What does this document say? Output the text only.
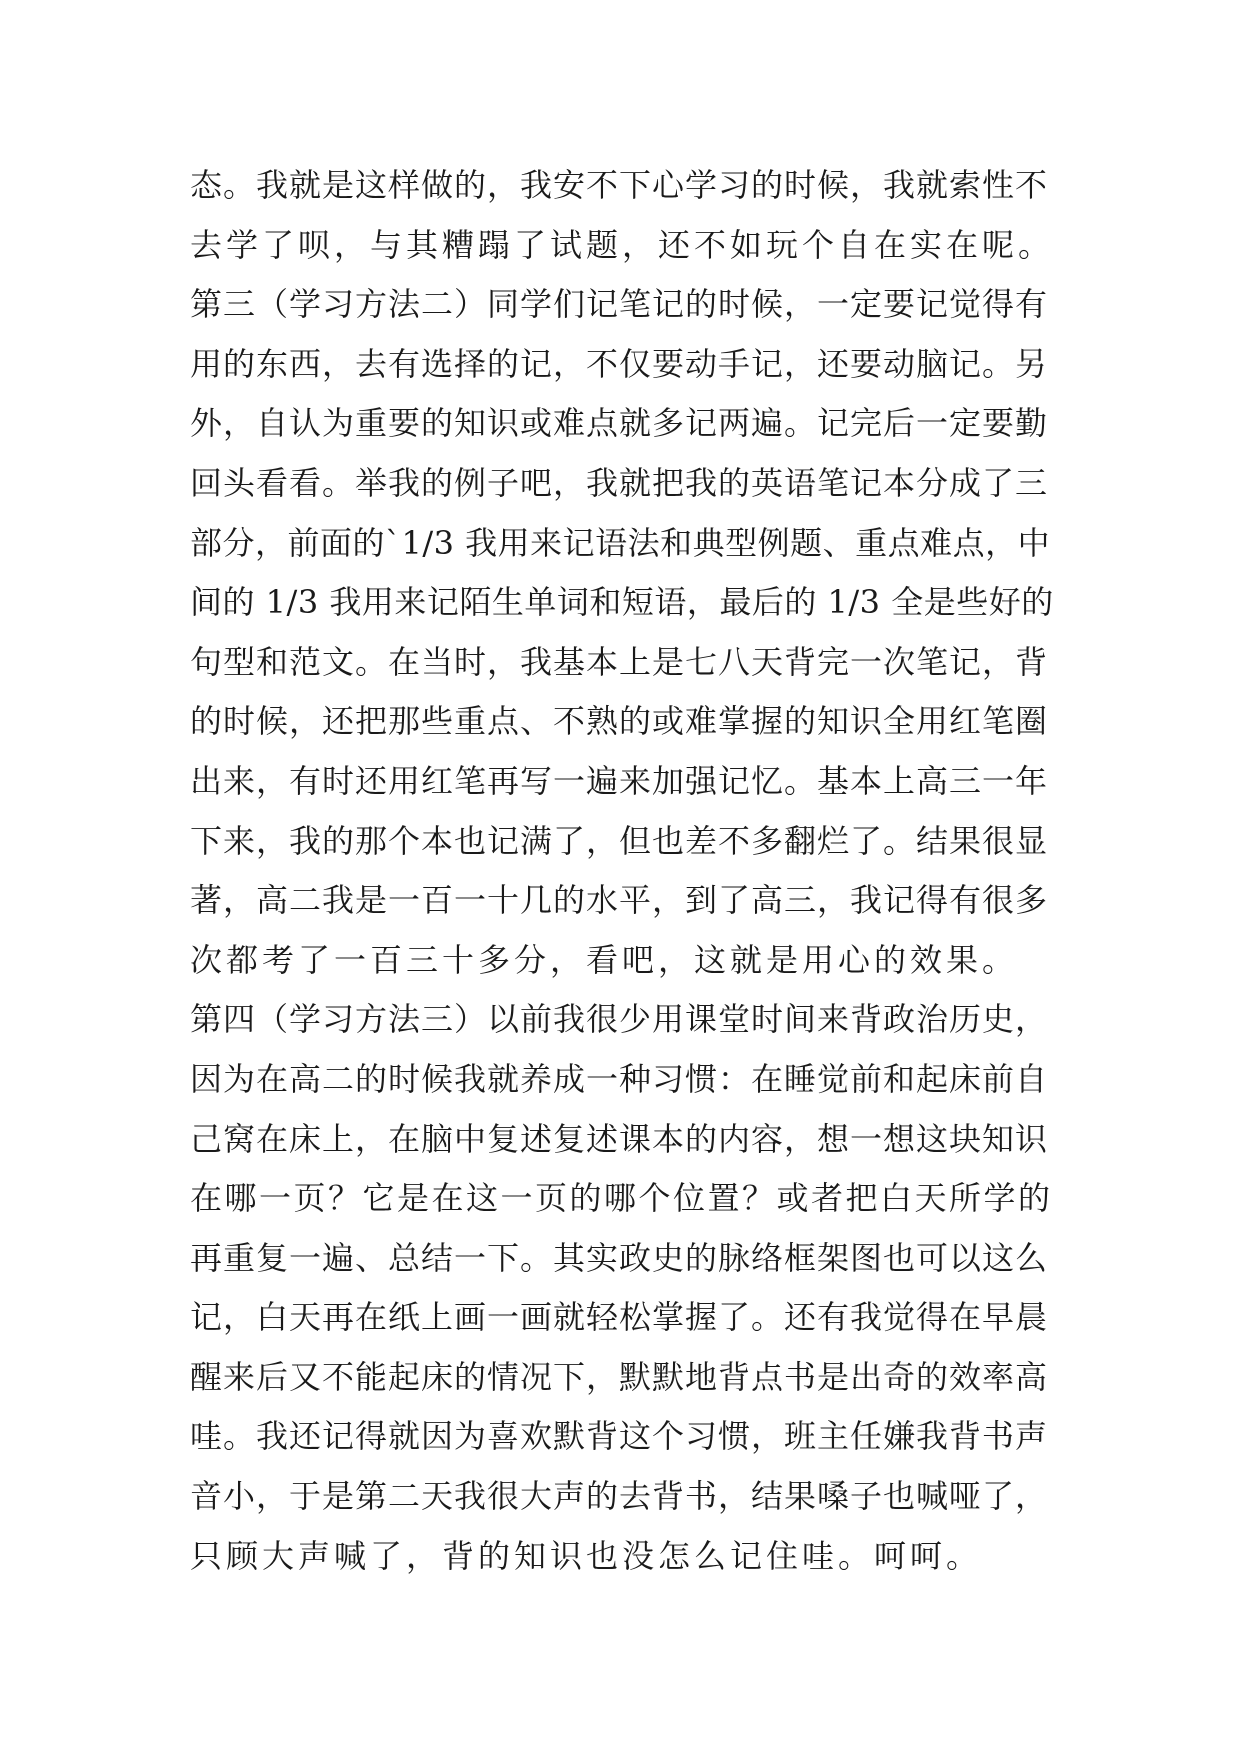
态。我就是这样做的，我安不下心学习的时候，我就索性不
去学了呗，与其糟蹋了试题，还不如玩个自在实在呢。
第三（学习方法二）同学们记笔记的时候，一定要记觉得有
用的东西，去有选择的记，不仅要动手记，还要动脑记。另
外，自认为重要的知识或难点就多记两遍。记完后一定要勤
回头看看。举我的例子吧，我就把我的英语笔记本分成了三
部分，前面的`1/3 我用来记语法和典型例题、重点难点，中
间的 1/3 我用来记陌生单词和短语，最后的 1/3 全是些好的
句型和范文。在当时，我基本上是七八天背完一次笔记，背
的时候，还把那些重点、不熟的或难掌握的知识全用红笔圈
出来，有时还用红笔再写一遍来加强记忆。基本上高三一年
下来，我的那个本也记满了，但也差不多翻烂了。结果很显
著，高二我是一百一十几的水平，到了高三，我记得有很多
次都考了一百三十多分，看吧，这就是用心的效果。
第四（学习方法三）以前我很少用课堂时间来背政治历史，
因为在高二的时候我就养成一种习惯：在睡觉前和起床前自
己窝在床上，在脑中复述复述课本的内容，想一想这块知识
在哪一页？它是在这一页的哪个位置？或者把白天所学的
再重复一遍、总结一下。其实政史的脉络框架图也可以这么
记，白天再在纸上画一画就轻松掌握了。还有我觉得在早晨
醒来后又不能起床的情况下，默默地背点书是出奇的效率高
哇。我还记得就因为喜欢默背这个习惯，班主任嫌我背书声
音小，于是第二天我很大声的去背书，结果嗓子也喊哑了，
只顾大声喊了，背的知识也没怎么记住哇。呵呵。
